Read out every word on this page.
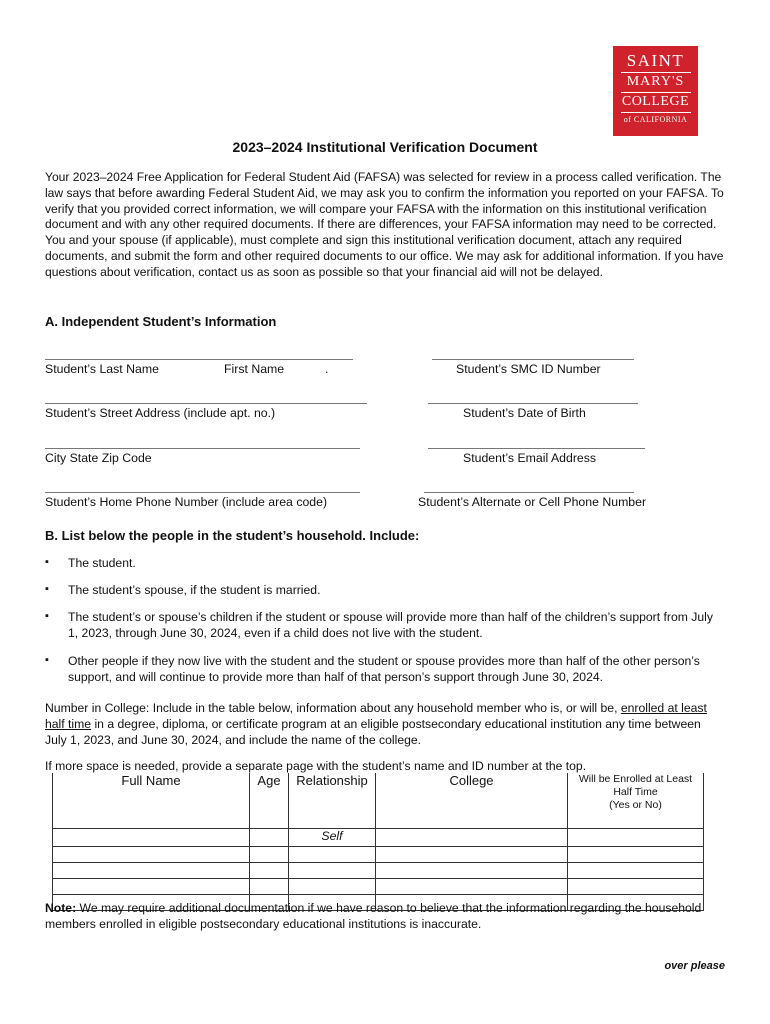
SAINT
MARY'S
COLLEGE
of CALIFORNIA
2023–2024 Institutional Verification Document
Your 2023–2024 Free Application for Federal Student Aid (FAFSA) was selected for review in a process called verification. The law says that before awarding Federal Student Aid, we may ask you to confirm the information you reported on your FAFSA. To verify that you provided correct information, we will compare your FAFSA with the information on this institutional verification document and with any other required documents. If there are differences, your FAFSA information may need to be corrected. You and your spouse (if applicable), must complete and sign this institutional verification document, attach any required documents, and submit the form and other required documents to our office. We may ask for additional information. If you have questions about verification, contact us as soon as possible so that your financial aid will not be delayed.
A. Independent Student’s Information
Student’s Last Name	First Name	.	Student’s SMC ID Number
Student’s Street Address (include apt. no.)	Student’s Date of Birth
City State Zip Code	Student’s Email Address
Student’s Home Phone Number (include area code)	Student’s Alternate or Cell Phone Number
B. List below the people in the student’s household. Include:
▪ The student.
▪ The student’s spouse, if the student is married.
▪ The student’s or spouse’s children if the student or spouse will provide more than half of the children’s support from July 1, 2023, through June 30, 2024, even if a child does not live with the student.
▪ Other people if they now live with the student and the student or spouse provides more than half of the other person’s support, and will continue to provide more than half of that person’s support through June 30, 2024.
Number in College: Include in the table below, information about any household member who is, or will be, enrolled at least half time in a degree, diploma, or certificate program at an eligible postsecondary educational institution any time between July 1, 2023, and June 30, 2024, and include the name of the college.
If more space is needed, provide a separate page with the student’s name and ID number at the top.
Full Name	Age	Relationship	College	Will be Enrolled at Least
Half Time
(Yes or No)

		Self		

Note: We may require additional documentation if we have reason to believe that the information regarding the household members enrolled in eligible postsecondary educational institutions is inaccurate.
over please
